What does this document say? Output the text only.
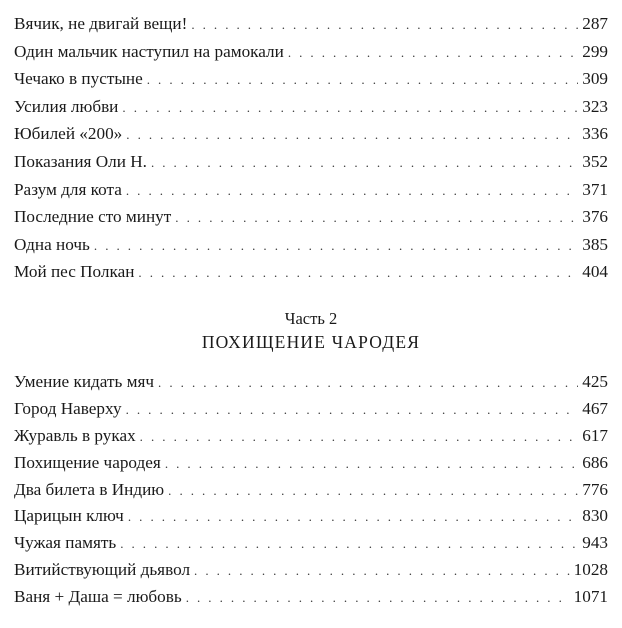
Вячик, не двигай вещи! . . .	287
Один мальчик наступил на рамокали . . .	299
Чечако в пустыне . . .	309
Усилия любви . . .	323
Юбилей «200» . . .	336
Показания Оли Н. . . .	352
Разум для кота . . .	371
Последние сто минут . . .	376
Одна ночь . . .	385
Мой пес Полкан . . .	404
Часть 2
ПОХИЩЕНИЕ ЧАРОДЕЯ
Умение кидать мяч . . .	425
Город Наверху . . .	467
Журавль в руках . . .	617
Похищение чародея . . .	686
Два билета в Индию . . .	776
Царицын ключ . . .	830
Чужая память . . .	943
Витийствующий дьявол . . .	1028
Ваня + Даша = любовь . . .	1071
